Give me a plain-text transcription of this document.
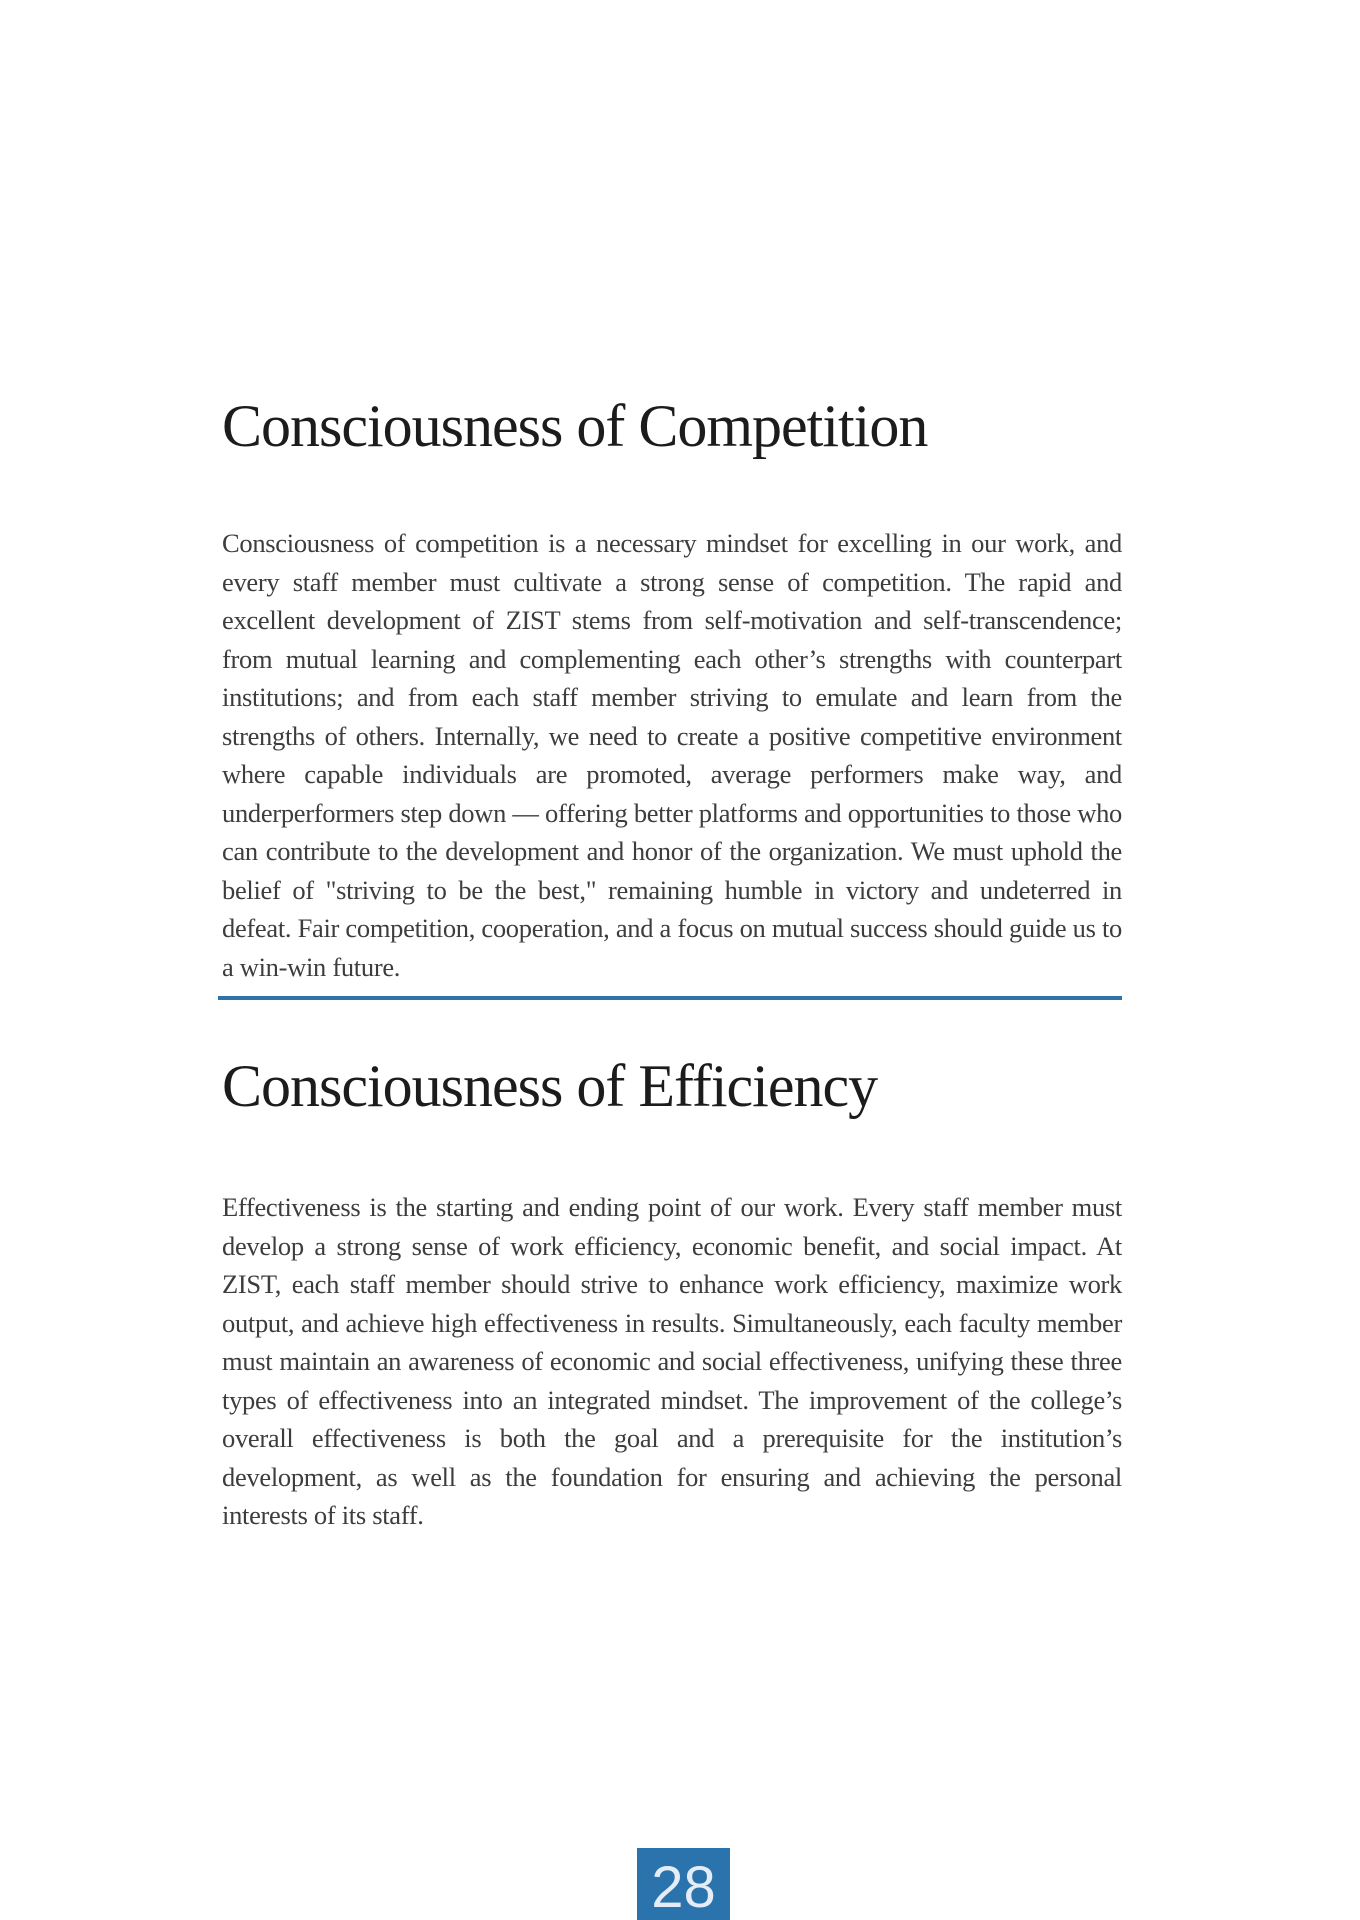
Consciousness of Competition

Consciousness of competition is a necessary mindset for excelling in our work, and every staff member must cultivate a strong sense of competition. The rapid and excellent development of ZIST stems from self-motivation and self-transcendence; from mutual learning and complementing each other’s strengths with counterpart institutions; and from each staff member striving to emulate and learn from the strengths of others. Internally, we need to create a positive competitive environment where capable individuals are promoted, average performers make way, and underperformers step down — offering better platforms and opportunities to those who can contribute to the development and honor of the organization. We must uphold the belief of "striving to be the best," remaining humble in victory and undeterred in defeat. Fair competition, cooperation, and a focus on mutual success should guide us to a win-win future.

Consciousness of Efficiency

Effectiveness is the starting and ending point of our work. Every staff member must develop a strong sense of work efficiency, economic benefit, and social impact. At ZIST, each staff member should strive to enhance work efficiency, maximize work output, and achieve high effectiveness in results. Simultaneously, each faculty member must maintain an awareness of economic and social effectiveness, unifying these three types of effectiveness into an integrated mindset. The improvement of the college’s overall effectiveness is both the goal and a prerequisite for the institution’s development, as well as the foundation for ensuring and achieving the personal interests of its staff.

28
